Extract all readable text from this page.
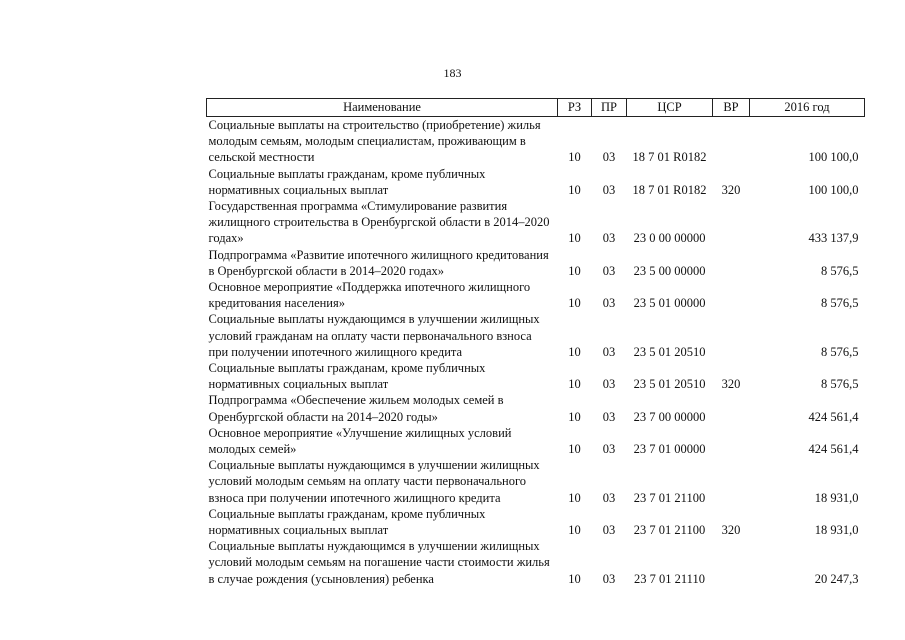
183
Наименование	РЗ	ПР	ЦСР	ВР	2016 год
Социальные выплаты на строительство (приобретение) жилья молодым семьям, молодым специалистам, проживающим в сельской местности	10	03	18 7 01 R0182		100 100,0
Социальные выплаты гражданам, кроме публичных нормативных социальных выплат	10	03	18 7 01 R0182	320	100 100,0
Государственная программа «Стимулирование развития жилищного строительства в Оренбургской области в 2014–2020 годах»	10	03	23 0 00 00000		433 137,9
Подпрограмма «Развитие ипотечного жилищного кредитования в Оренбургской области в 2014–2020 годах»	10	03	23 5 00 00000		8 576,5
Основное мероприятие «Поддержка ипотечного жилищного кредитования населения»	10	03	23 5 01 00000		8 576,5
Социальные выплаты нуждающимся в улучшении жилищных условий гражданам на оплату части первоначального взноса при получении ипотечного жилищного кредита	10	03	23 5 01 20510		8 576,5
Социальные выплаты гражданам, кроме публичных нормативных социальных выплат	10	03	23 5 01 20510	320	8 576,5
Подпрограмма «Обеспечение жильем молодых семей в Оренбургской области на 2014–2020 годы»	10	03	23 7 00 00000		424 561,4
Основное мероприятие «Улучшение жилищных условий молодых семей»	10	03	23 7 01 00000		424 561,4
Социальные выплаты нуждающимся в улучшении жилищных условий молодым семьям на оплату части первоначального взноса при получении ипотечного жилищного кредита	10	03	23 7 01 21100		18 931,0
Социальные выплаты гражданам, кроме публичных нормативных социальных выплат	10	03	23 7 01 21100	320	18 931,0
Социальные выплаты нуждающимся в улучшении жилищных условий молодым семьям на погашение части стоимости жилья в случае рождения (усыновления) ребенка	10	03	23 7 01 21110		20 247,3
